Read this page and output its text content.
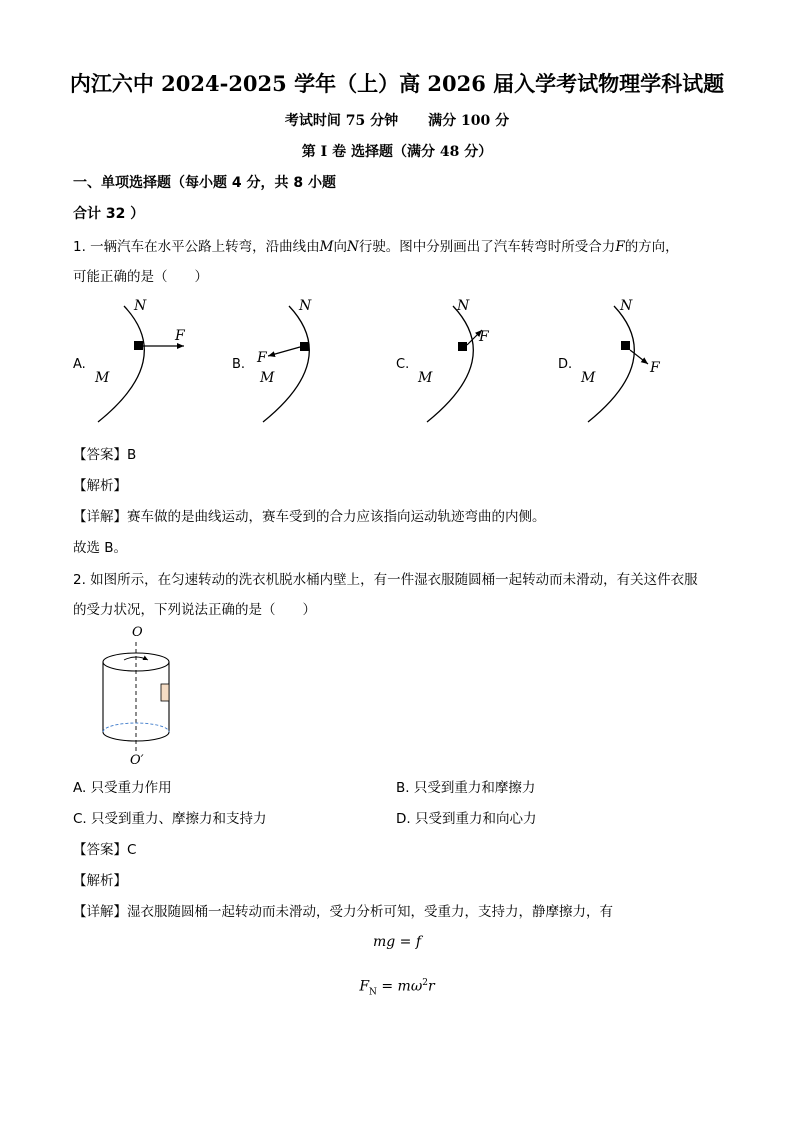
内江六中 2024-2025 学年（上）高 2026 届入学考试物理学科试题
考试时间 75 分钟 满分 100 分
第 I 卷 选择题（满分 48 分）
一、单项选择题（每小题 4 分，共 8 小题
合计 32 ）
1. 一辆汽车在水平公路上转弯，沿曲线由M向N行驶。图中分别画出了汽车转弯时所受合力F的方向，
可能正确的是（　　）
A.
N
M
F
B.
N
M
F	C.
N
M
F
D.
N
M
F
【答案】B
【解析】
【详解】赛车做的是曲线运动，赛车受到的合力应该指向运动轨迹弯曲的内侧。
故选 B。
2. 如图所示，在匀速转动的洗衣机脱水桶内壁上，有一件湿衣服随圆桶一起转动而未滑动，有关这件衣服
的受力状况，下列说法正确的是（　　）
O
O′
A. 只受重力作用	B. 只受到重力和摩擦力
C. 只受到重力、摩擦力和支持力	D. 只受到重力和向心力
【答案】C
【解析】
【详解】湿衣服随圆桶一起转动而未滑动，受力分析可知，受重力，支持力，静摩擦力，有
mg = f
$F_N = m\omega^2r$
